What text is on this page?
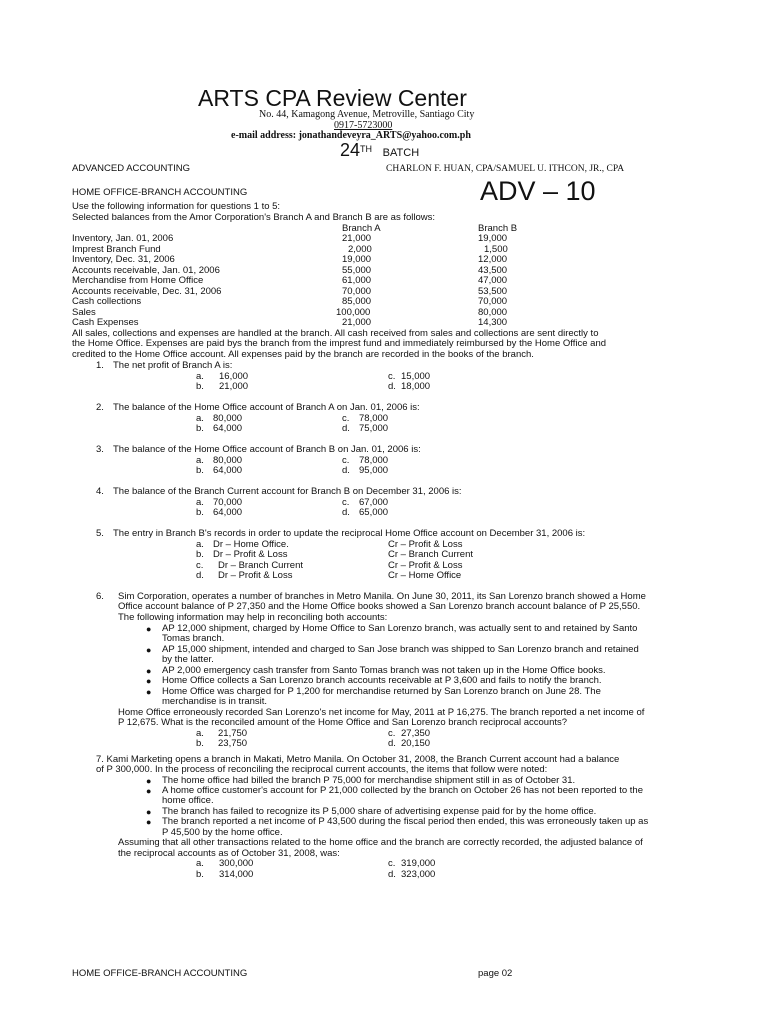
ARTS CPA Review Center
No. 44, Kamagong Avenue, Metroville, Santiago City
0917-5723000
e-mail address: jonathandeveyra_ARTS@yahoo.com.ph
24TH BATCH
ADVANCED ACCOUNTING	CHARLON F. HUAN, CPA/SAMUEL U. ITHCON, JR., CPA
HOME OFFICE-BRANCH ACCOUNTING	ADV – 10
Use the following information for questions 1 to 5:
Selected balances from the Amor Corporation's Branch A and Branch B are as follows:
Branch A	Branch B
Inventory, Jan. 01, 2006	21,000	19,000
Imprest Branch Fund	2,000	1,500
Inventory, Dec. 31, 2006	19,000	12,000
Accounts receivable, Jan. 01, 2006	55,000	43,500
Merchandise from Home Office	61,000	47,000
Accounts receivable, Dec. 31, 2006	70,000	53,500
Cash collections	85,000	70,000
Sales	100,000	80,000
Cash Expenses	21,000	14,300
All sales, collections and expenses are handled at the branch. All cash received from sales and collections are sent directly to
the Home Office. Expenses are paid bys the branch from the imprest fund and immediately reimbursed by the Home Office and
credited to the Home Office account. All expenses paid by the branch are recorded in the books of the branch.
1. The net profit of Branch A is:
a. 16,000
b. 21,000
c. 15,000
d. 18,000
2. The balance of the Home Office account of Branch A on Jan. 01, 2006 is:
a. 80,000
b. 64,000
c. 78,000
d. 75,000
3. The balance of the Home Office account of Branch B on Jan. 01, 2006 is:
a. 80,000
b. 64,000
c. 78,000
d. 95,000
4. The balance of the Branch Current account for Branch B on December 31, 2006 is:
a. 70,000
b. 64,000
c. 67,000
d. 65,000
5. The entry in Branch B's records in order to update the reciprocal Home Office account on December 31, 2006 is:
a. Dr – Home Office.	Cr – Profit & Loss
b. Dr – Profit & Loss	Cr – Branch Current
c. Dr – Branch Current	Cr – Profit & Loss
d. Dr – Profit & Loss	Cr – Home Office
6. Sim Corporation, operates a number of branches in Metro Manila. On June 30, 2011, its San Lorenzo branch showed a Home
Office account balance of P 27,350 and the Home Office books showed a San Lorenzo branch account balance of P 25,550.
The following information may help in reconciling both accounts:
● AP 12,000 shipment, charged by Home Office to San Lorenzo branch, was actually sent to and retained by Santo
Tomas branch.
● AP 15,000 shipment, intended and charged to San Jose branch was shipped to San Lorenzo branch and retained
by the latter.
● AP 2,000 emergency cash transfer from Santo Tomas branch was not taken up in the Home Office books.
● Home Office collects a San Lorenzo branch accounts receivable at P 3,600 and fails to notify the branch.
● Home Office was charged for P 1,200 for merchandise returned by San Lorenzo branch on June 28. The
merchandise is in transit.
Home Office erroneously recorded San Lorenzo's net income for May, 2011 at P 16,275. The branch reported a net income of
P 12,675. What is the reconciled amount of the Home Office and San Lorenzo branch reciprocal accounts?
a. 21,750
b. 23,750
c. 27,350
d. 20,150
7. Kami Marketing opens a branch in Makati, Metro Manila. On October 31, 2008, the Branch Current account had a balance
of P 300,000. In the process of reconciling the reciprocal current accounts, the items that follow were noted:
● The home office had billed the branch P 75,000 for merchandise shipment still in as of October 31.
● A home office customer's account for P 21,000 collected by the branch on October 26 has not been reported to the
home office.
● The branch has failed to recognize its P 5,000 share of advertising expense paid for by the home office.
● The branch reported a net income of P 43,500 during the fiscal period then ended, this was erroneously taken up as
P 45,500 by the home office.
Assuming that all other transactions related to the home office and the branch are correctly recorded, the adjusted balance of
the reciprocal accounts as of October 31, 2008, was:
a. 300,000
b. 314,000
c. 319,000
d. 323,000
HOME OFFICE-BRANCH ACCOUNTING	page 02
